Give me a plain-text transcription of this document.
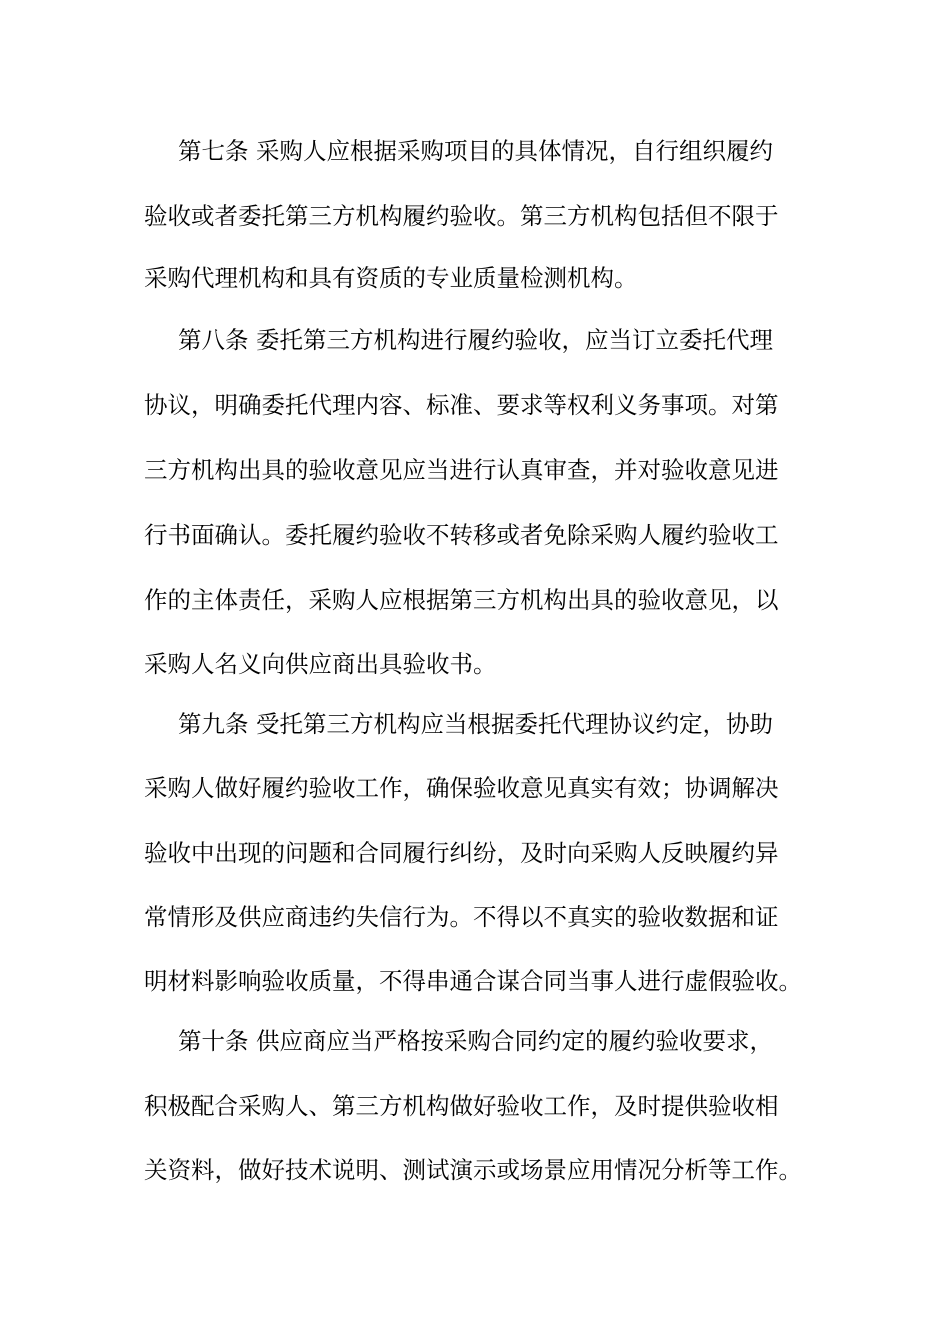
第七条 采购人应根据采购项目的具体情况，自行组织履约
验收或者委托第三方机构履约验收。第三方机构包括但不限于
采购代理机构和具有资质的专业质量检测机构。
第八条 委托第三方机构进行履约验收，应当订立委托代理
协议，明确委托代理内容、标准、要求等权利义务事项。对第
三方机构出具的验收意见应当进行认真审查，并对验收意见进
行书面确认。委托履约验收不转移或者免除采购人履约验收工
作的主体责任，采购人应根据第三方机构出具的验收意见，以
采购人名义向供应商出具验收书。
第九条 受托第三方机构应当根据委托代理协议约定，协助
采购人做好履约验收工作，确保验收意见真实有效；协调解决
验收中出现的问题和合同履行纠纷，及时向采购人反映履约异
常情形及供应商违约失信行为。不得以不真实的验收数据和证
明材料影响验收质量，不得串通合谋合同当事人进行虚假验收。
第十条 供应商应当严格按采购合同约定的履约验收要求，
积极配合采购人、第三方机构做好验收工作，及时提供验收相
关资料，做好技术说明、测试演示或场景应用情况分析等工作。
